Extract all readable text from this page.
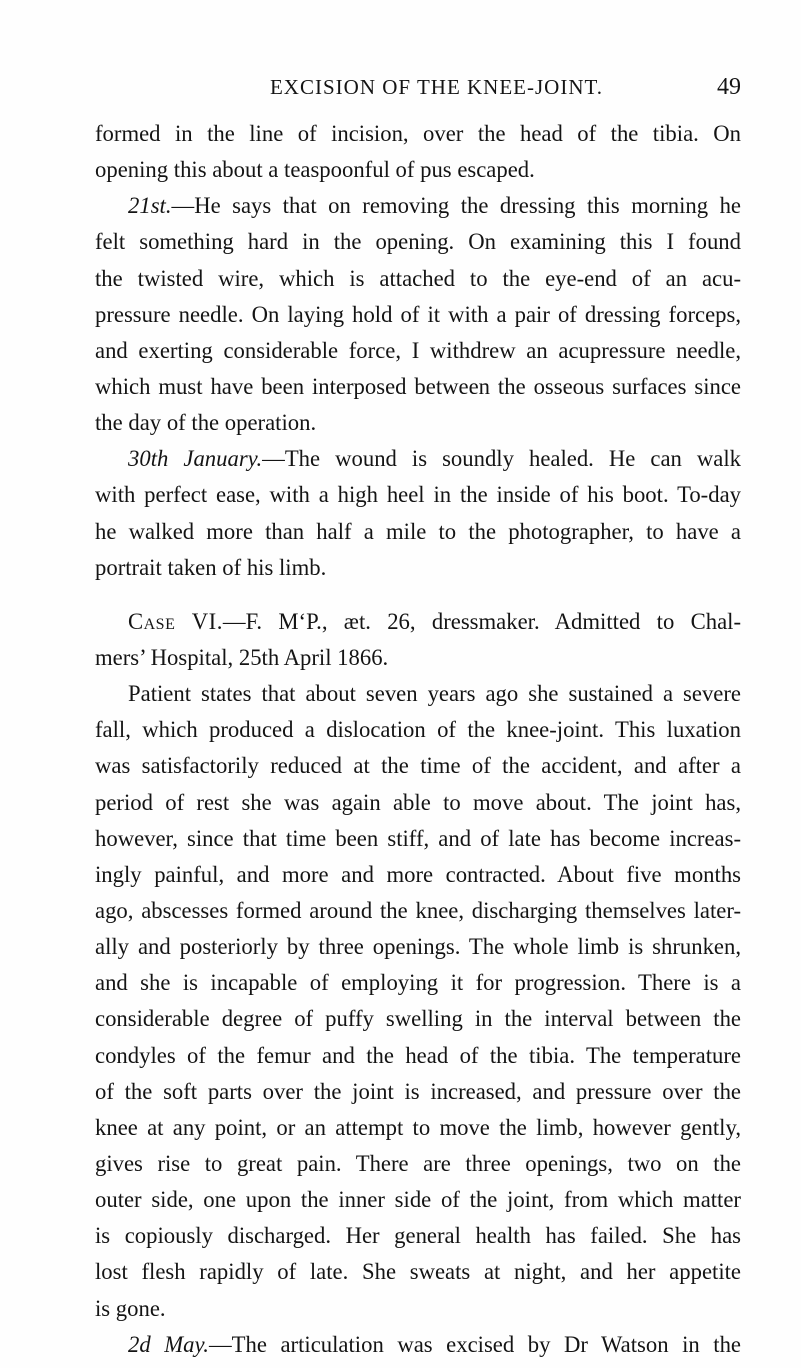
EXCISION OF THE KNEE-JOINT.	49
formed in the line of incision, over the head of the tibia. On
opening this about a teaspoonful of pus escaped.
21st.—He says that on removing the dressing this morning he
felt something hard in the opening. On examining this I found
the twisted wire, which is attached to the eye-end of an acu-
pressure needle. On laying hold of it with a pair of dressing forceps,
and exerting considerable force, I withdrew an acupressure needle,
which must have been interposed between the osseous surfaces since
the day of the operation.
30th January.—The wound is soundly healed. He can walk
with perfect ease, with a high heel in the inside of his boot. To-day
he walked more than half a mile to the photographer, to have a
portrait taken of his limb.
Case VI.—F. M‘P., æt. 26, dressmaker. Admitted to Chal-
mers’ Hospital, 25th April 1866.
Patient states that about seven years ago she sustained a severe
fall, which produced a dislocation of the knee-joint. This luxation
was satisfactorily reduced at the time of the accident, and after a
period of rest she was again able to move about. The joint has,
however, since that time been stiff, and of late has become increas-
ingly painful, and more and more contracted. About five months
ago, abscesses formed around the knee, discharging themselves later-
ally and posteriorly by three openings. The whole limb is shrunken,
and she is incapable of employing it for progression. There is a
considerable degree of puffy swelling in the interval between the
condyles of the femur and the head of the tibia. The temperature
of the soft parts over the joint is increased, and pressure over the
knee at any point, or an attempt to move the limb, however gently,
gives rise to great pain. There are three openings, two on the
outer side, one upon the inner side of the joint, from which matter
is copiously discharged. Her general health has failed. She has
lost flesh rapidly of late. She sweats at night, and her appetite
is gone.
2d May.—The articulation was excised by Dr Watson in the
